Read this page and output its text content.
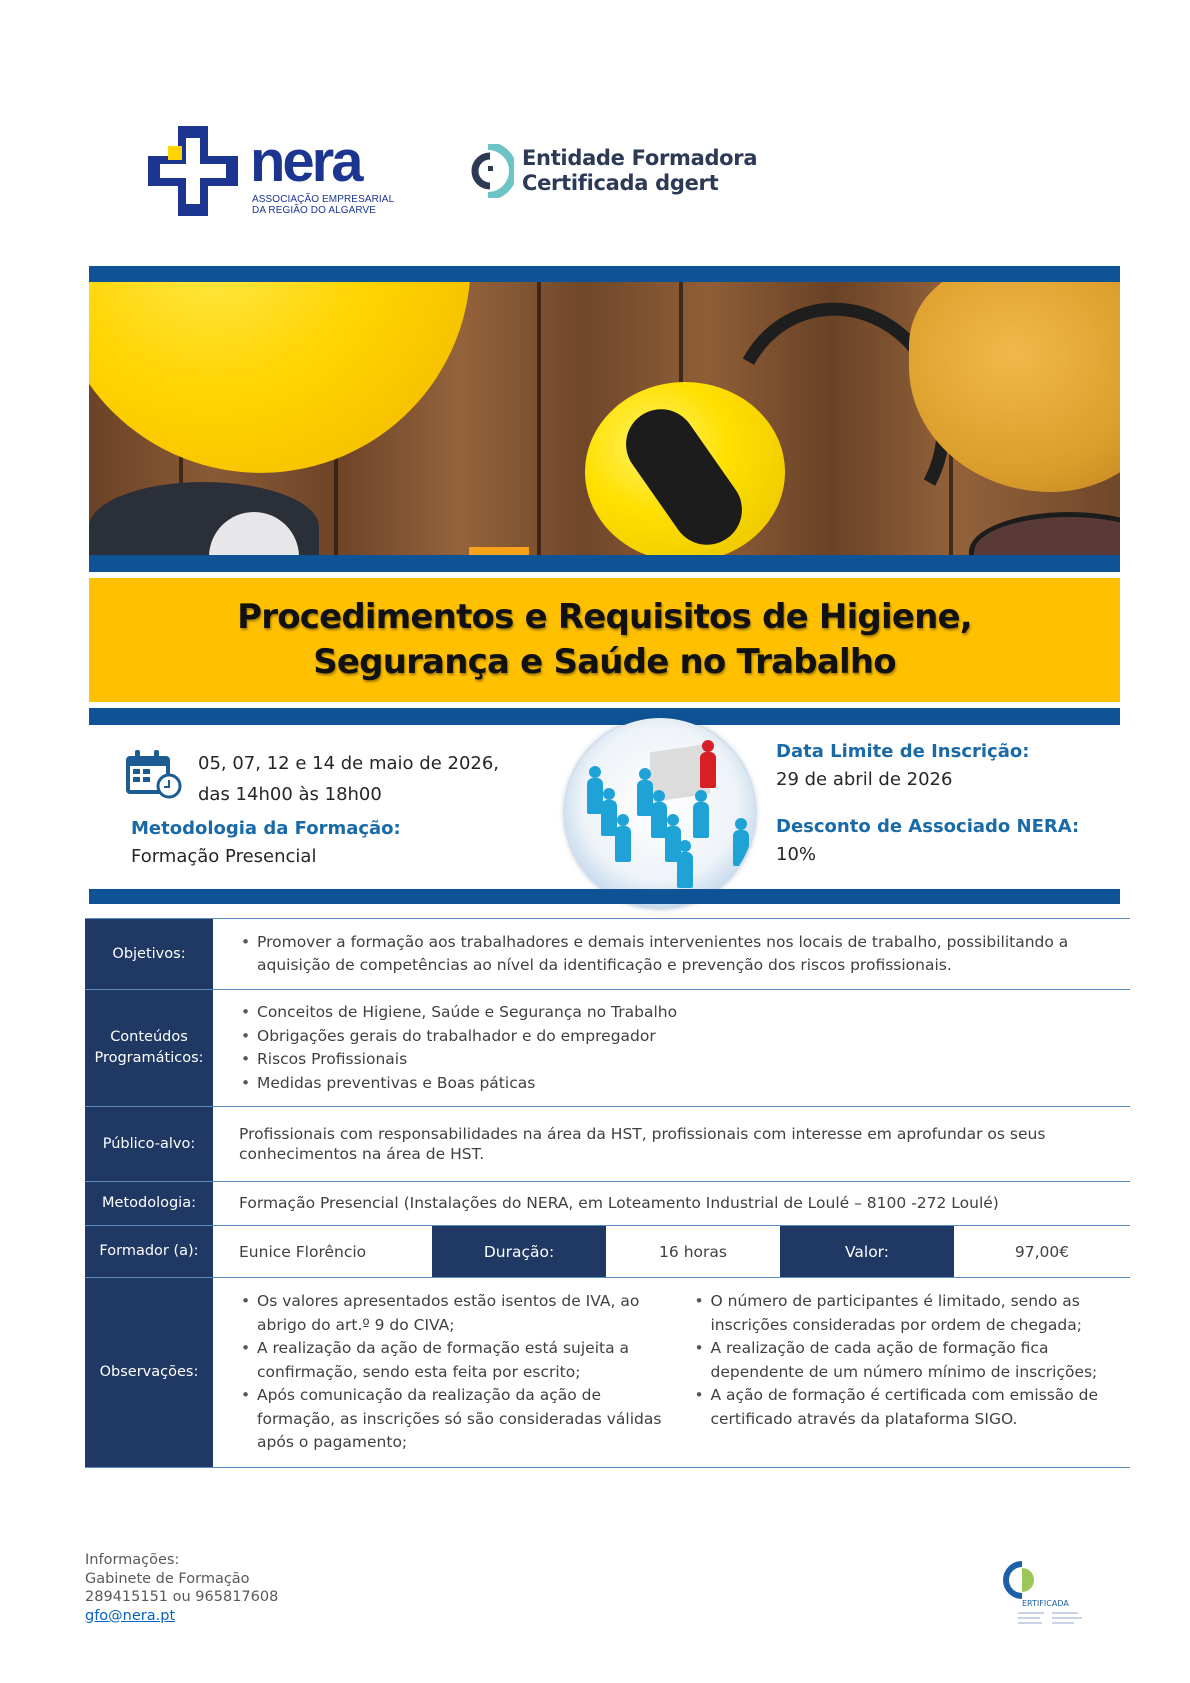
nera
ASSOCIAÇÃO EMPRESARIAL
DA REGIÃO DO ALGARVE
Entidade Formadora
Certificada dgert
Procedimentos e Requisitos de Higiene,
Segurança e Saúde no Trabalho
05, 07, 12 e 14 de maio de 2026,
das 14h00 às 18h00
Metodologia da Formação:
Formação Presencial
Data Limite de Inscrição:
29 de abril de 2026
Desconto de Associado NERA:
10%
Objetivos:	
• Promover a formação aos trabalhadores e demais intervenientes nos locais de trabalho, possibilitando a aquisição de competências ao nível da identificação e prevenção dos riscos profissionais.

Conteúdos
Programáticos:

• Conceitos de Higiene, Saúde e Segurança no Trabalho
• Obrigações gerais do trabalhador e do empregador
• Riscos Profissionais
• Medidas preventivas e Boas páticas

Público-alvo:	Profissionais com responsabilidades na área da HST, profissionais com interesse em aprofundar os seus conhecimentos na área de HST.
Metodologia:	Formação Presencial (Instalações do NERA, em Loteamento Industrial de Loulé – 8100 -272 Loulé)
Formador (a):	Eunice Florêncio Duração: 16 horas Valor: 97,00€

Observações:	
• Os valores apresentados estão isentos de IVA, ao abrigo do art.º 9 do CIVA;
• A realização da ação de formação está sujeita a confirmação, sendo esta feita por escrito;
• Após comunicação da realização da ação de formação, as inscrições só são consideradas válidas após o pagamento;
• O número de participantes é limitado, sendo as inscrições consideradas por ordem de chegada;
• A realização de cada ação de formação fica dependente de um número mínimo de inscrições;
• A ação de formação é certificada com emissão de certificado através da plataforma SIGO.
Informações:
Gabinete de Formação
289415151 ou 965817608
gfo@nera.pt
ERTIFICADA
